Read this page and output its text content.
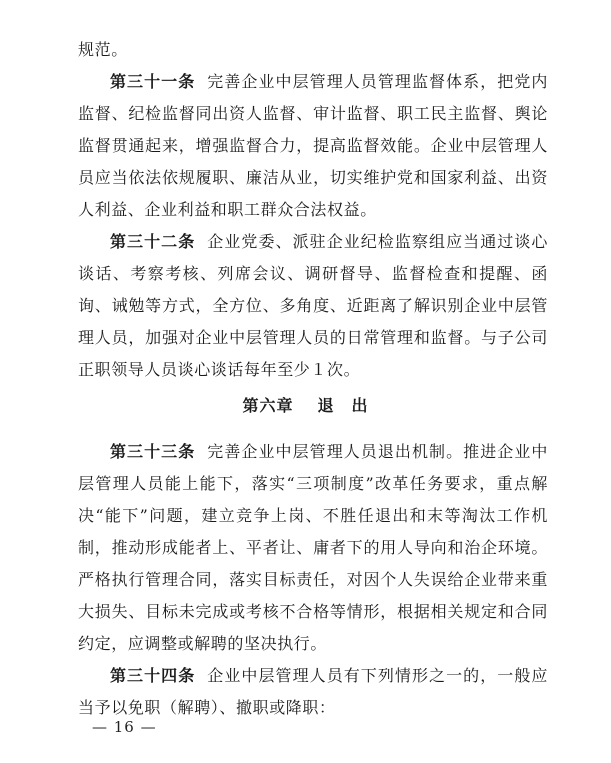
规范。

第三十一条 完善企业中层管理人员管理监督体系，把党内监督、纪检监督同出资人监督、审计监督、职工民主监督、舆论监督贯通起来，增强监督合力，提高监督效能。企业中层管理人员应当依法依规履职、廉洁从业，切实维护党和国家利益、出资人利益、企业利益和职工群众合法权益。

第三十二条 企业党委、派驻企业纪检监察组应当通过谈心谈话、考察考核、列席会议、调研督导、监督检查和提醒、函询、诫勉等方式，全方位、多角度、近距离了解识别企业中层管理人员，加强对企业中层管理人员的日常管理和监督。与子公司正职领导人员谈心谈话每年至少１次。

第六章 退　出

第三十三条 完善企业中层管理人员退出机制。推进企业中层管理人员能上能下，落实“三项制度”改革任务要求，重点解决“能下”问题，建立竞争上岗、不胜任退出和末等淘汰工作机制，推动形成能者上、平者让、庸者下的用人导向和治企环境。严格执行管理合同，落实目标责任，对因个人失误给企业带来重大损失、目标未完成或考核不合格等情形，根据相关规定和合同约定，应调整或解聘的坚决执行。

第三十四条 企业中层管理人员有下列情形之一的，一般应当予以免职（解聘）、撤职或降职：

— 16 —
